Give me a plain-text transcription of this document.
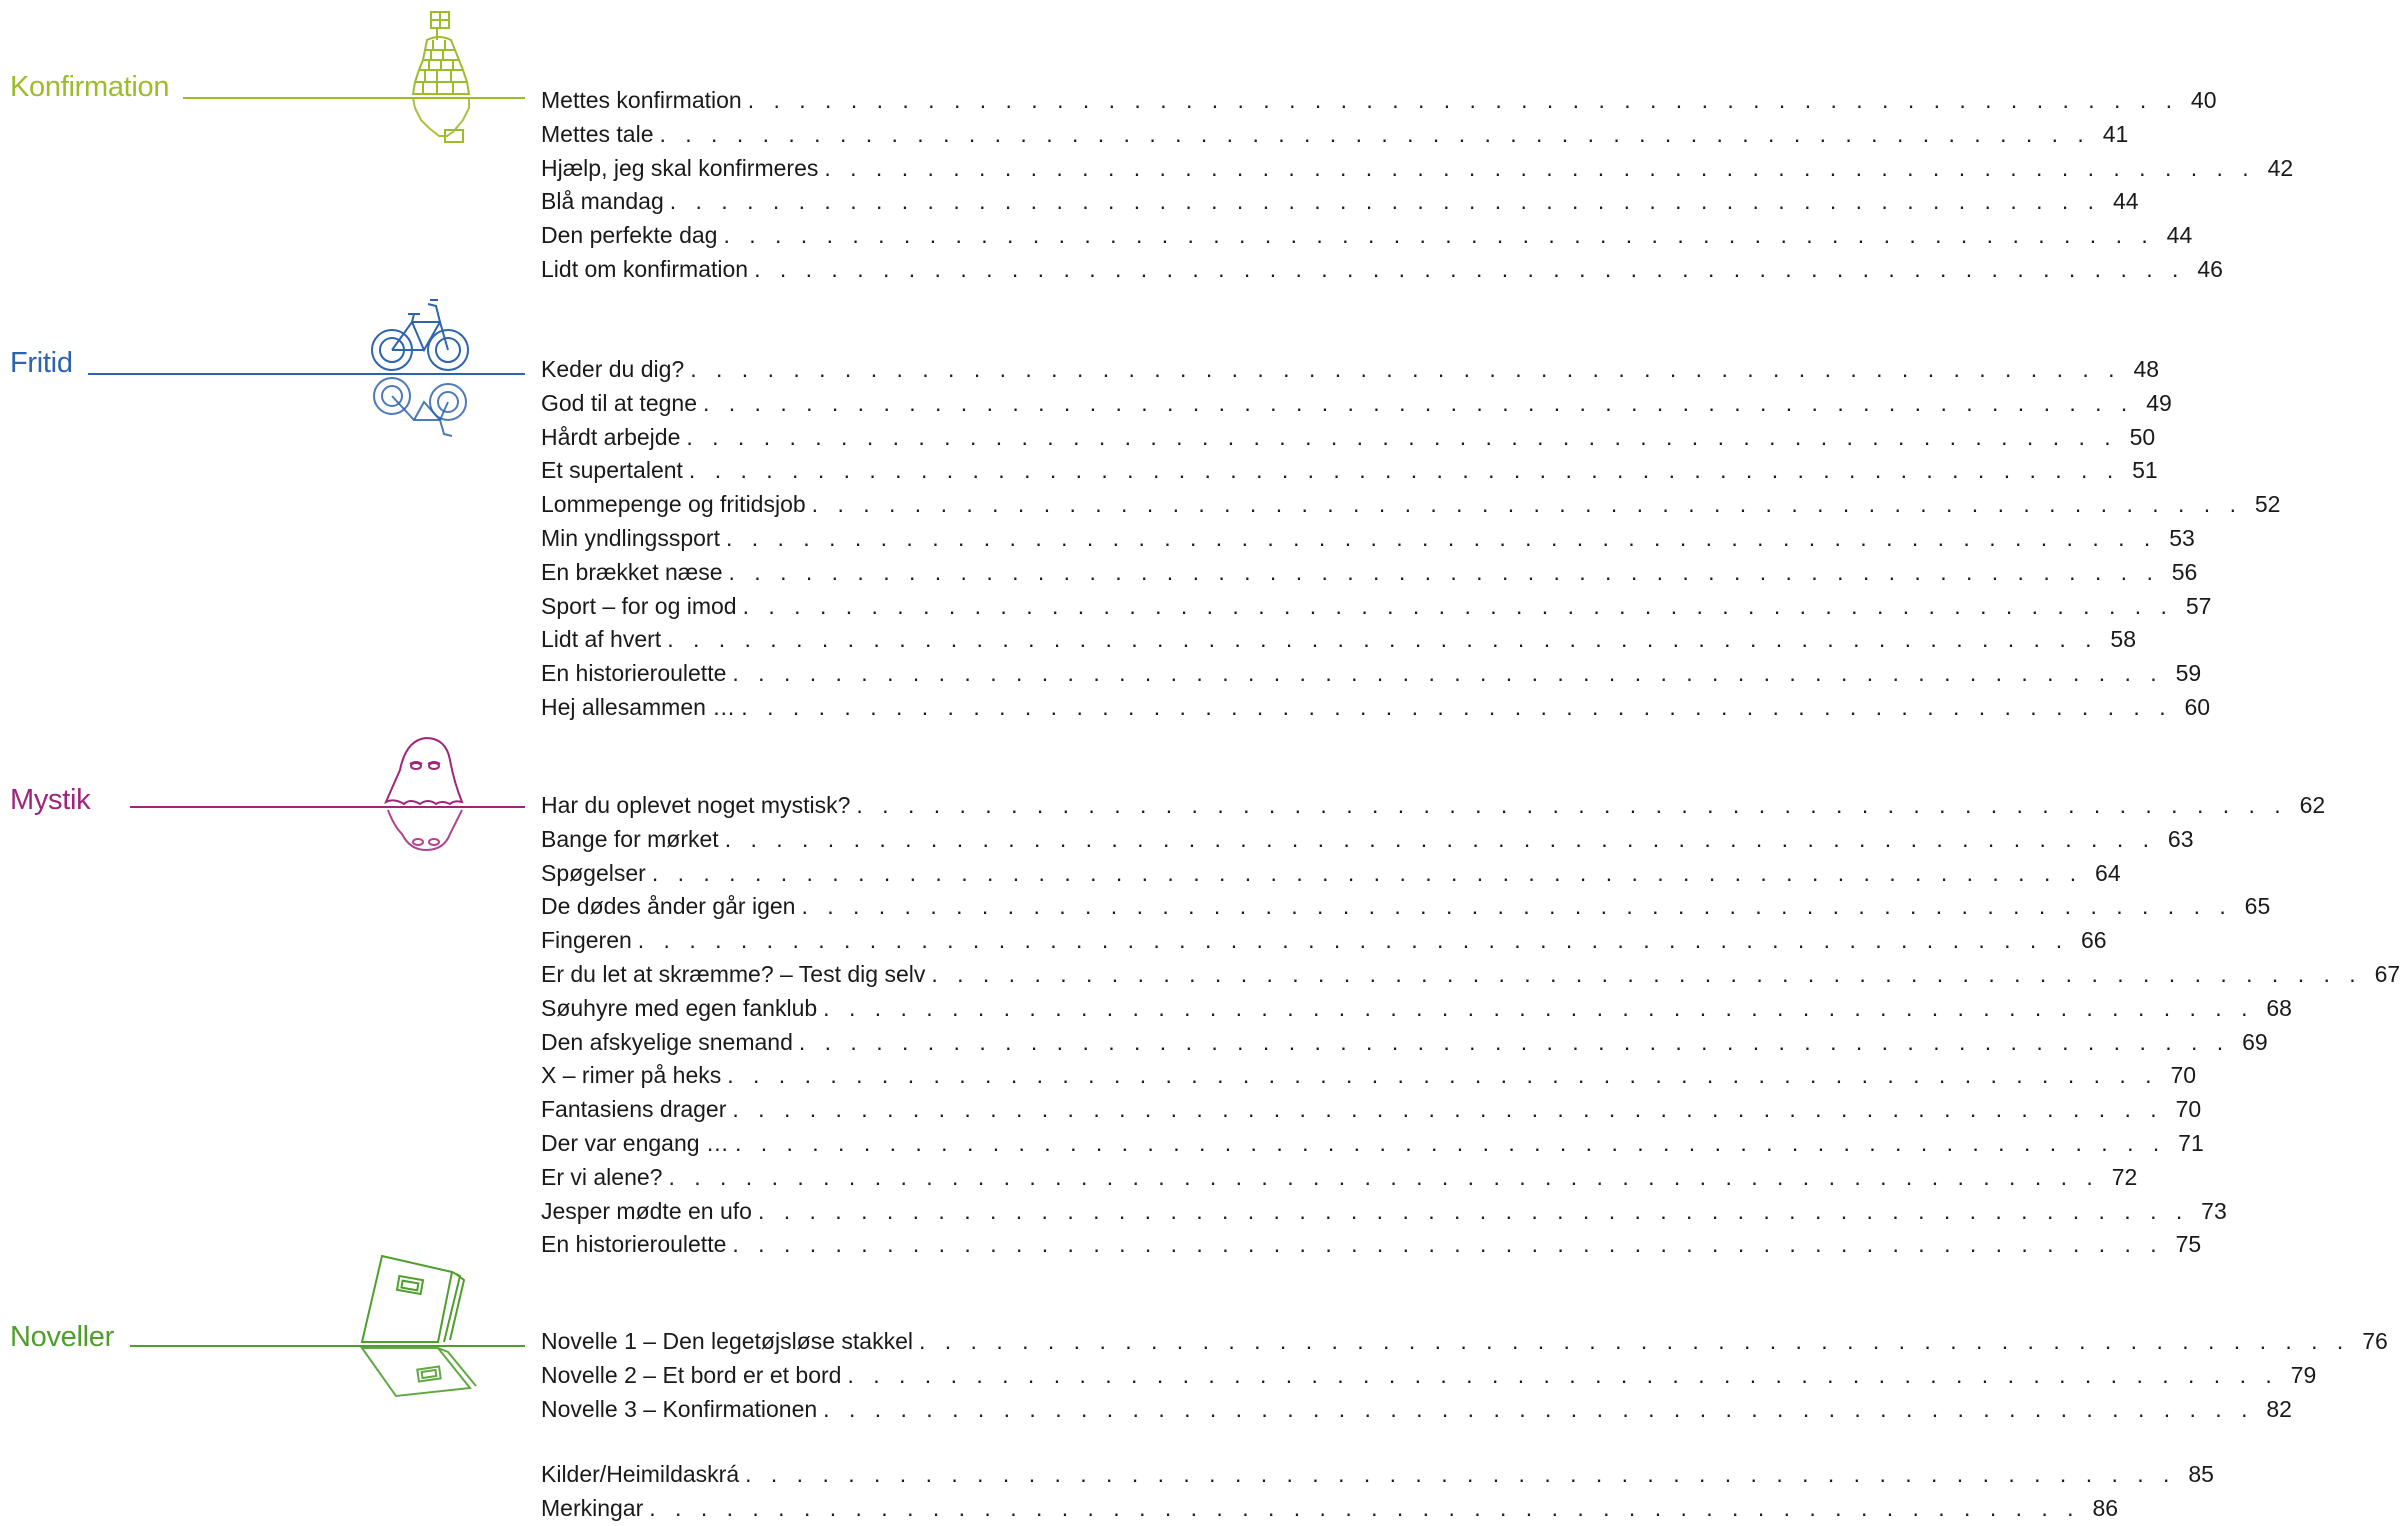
Konfirmation	Mettes konfirmation . . . . . . . . . . . . . . . . . . . . . . . . . . . . . . . . . . . . . . . . . . . . . . . . . . . . . . . . 40
Mettes tale . . . . . . . . . . . . . . . . . . . . . . . . . . . . . . . . . . . . . . . . . . . . . . . . . . . . . . . . 41
Hjælp, jeg skal konfirmeres . . . . . . . . . . . . . . . . . . . . . . . . . . . . . . . . . . . . . . . . . . . . . . . . . . . . . . . . 42
Blå mandag . . . . . . . . . . . . . . . . . . . . . . . . . . . . . . . . . . . . . . . . . . . . . . . . . . . . . . . . 44
Den perfekte dag . . . . . . . . . . . . . . . . . . . . . . . . . . . . . . . . . . . . . . . . . . . . . . . . . . . . . . . . 44
Lidt om konfirmation . . . . . . . . . . . . . . . . . . . . . . . . . . . . . . . . . . . . . . . . . . . . . . . . . . . . . . . . 46
Fritid	Keder du dig? . . . . . . . . . . . . . . . . . . . . . . . . . . . . . . . . . . . . . . . . . . . . . . . . . . . . . . . . 48
God til at tegne . . . . . . . . . . . . . . . . . . . . . . . . . . . . . . . . . . . . . . . . . . . . . . . . . . . . . . . . 49
Hårdt arbejde . . . . . . . . . . . . . . . . . . . . . . . . . . . . . . . . . . . . . . . . . . . . . . . . . . . . . . . . 50
Et supertalent . . . . . . . . . . . . . . . . . . . . . . . . . . . . . . . . . . . . . . . . . . . . . . . . . . . . . . . . 51
Lommepenge og fritidsjob . . . . . . . . . . . . . . . . . . . . . . . . . . . . . . . . . . . . . . . . . . . . . . . . . . . . . . . . 52
Min yndlingssport . . . . . . . . . . . . . . . . . . . . . . . . . . . . . . . . . . . . . . . . . . . . . . . . . . . . . . . . 53
En brækket næse . . . . . . . . . . . . . . . . . . . . . . . . . . . . . . . . . . . . . . . . . . . . . . . . . . . . . . . . 56
Sport – for og imod . . . . . . . . . . . . . . . . . . . . . . . . . . . . . . . . . . . . . . . . . . . . . . . . . . . . . . . . 57
Lidt af hvert . . . . . . . . . . . . . . . . . . . . . . . . . . . . . . . . . . . . . . . . . . . . . . . . . . . . . . . . 58
En historieroulette . . . . . . . . . . . . . . . . . . . . . . . . . . . . . . . . . . . . . . . . . . . . . . . . . . . . . . . . 59
Hej allesammen … . . . . . . . . . . . . . . . . . . . . . . . . . . . . . . . . . . . . . . . . . . . . . . . . . . . . . . . . 60
Mystik	Har du oplevet noget mystisk? . . . . . . . . . . . . . . . . . . . . . . . . . . . . . . . . . . . . . . . . . . . . . . . . . . . . . . . . 62
Bange for mørket . . . . . . . . . . . . . . . . . . . . . . . . . . . . . . . . . . . . . . . . . . . . . . . . . . . . . . . . 63
Spøgelser . . . . . . . . . . . . . . . . . . . . . . . . . . . . . . . . . . . . . . . . . . . . . . . . . . . . . . . . 64
De dødes ånder går igen . . . . . . . . . . . . . . . . . . . . . . . . . . . . . . . . . . . . . . . . . . . . . . . . . . . . . . . . 65
Fingeren . . . . . . . . . . . . . . . . . . . . . . . . . . . . . . . . . . . . . . . . . . . . . . . . . . . . . . . . 66
Er du let at skræmme? – Test dig selv . . . . . . . . . . . . . . . . . . . . . . . . . . . . . . . . . . . . . . . . . . . . . . . . . . . . . . . . 67
Søuhyre med egen fanklub . . . . . . . . . . . . . . . . . . . . . . . . . . . . . . . . . . . . . . . . . . . . . . . . . . . . . . . . 68
Den afskyelige snemand . . . . . . . . . . . . . . . . . . . . . . . . . . . . . . . . . . . . . . . . . . . . . . . . . . . . . . . . 69
X – rimer på heks . . . . . . . . . . . . . . . . . . . . . . . . . . . . . . . . . . . . . . . . . . . . . . . . . . . . . . . . 70
Fantasiens drager . . . . . . . . . . . . . . . . . . . . . . . . . . . . . . . . . . . . . . . . . . . . . . . . . . . . . . . . 70
Der var engang … . . . . . . . . . . . . . . . . . . . . . . . . . . . . . . . . . . . . . . . . . . . . . . . . . . . . . . . . 71
Er vi alene? . . . . . . . . . . . . . . . . . . . . . . . . . . . . . . . . . . . . . . . . . . . . . . . . . . . . . . . . 72
Jesper mødte en ufo . . . . . . . . . . . . . . . . . . . . . . . . . . . . . . . . . . . . . . . . . . . . . . . . . . . . . . . . 73
En historieroulette . . . . . . . . . . . . . . . . . . . . . . . . . . . . . . . . . . . . . . . . . . . . . . . . . . . . . . . . 75
Noveller	Novelle 1 – Den legetøjsløse stakkel . . . . . . . . . . . . . . . . . . . . . . . . . . . . . . . . . . . . . . . . . . . . . . . . . . . . . . . . 76
Novelle 2 – Et bord er et bord . . . . . . . . . . . . . . . . . . . . . . . . . . . . . . . . . . . . . . . . . . . . . . . . . . . . . . . . 79
Novelle 3 – Konfirmationen . . . . . . . . . . . . . . . . . . . . . . . . . . . . . . . . . . . . . . . . . . . . . . . . . . . . . . . . 82
Kilder/Heimildaskrá . . . . . . . . . . . . . . . . . . . . . . . . . . . . . . . . . . . . . . . . . . . . . . . . . . . . . . . . 85
Merkingar . . . . . . . . . . . . . . . . . . . . . . . . . . . . . . . . . . . . . . . . . . . . . . . . . . . . . . . . 86
